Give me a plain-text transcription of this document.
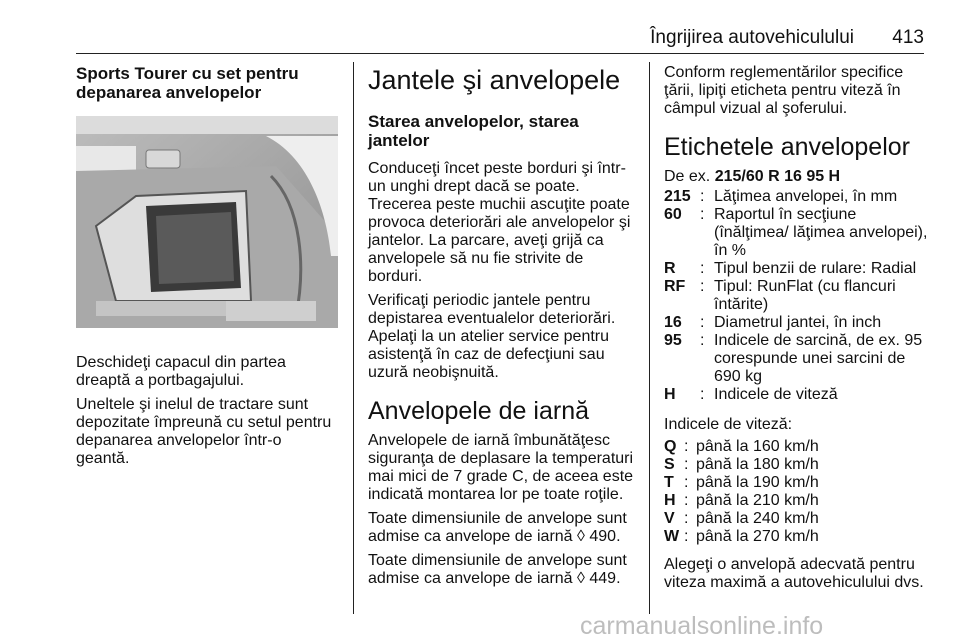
Îngrijirea autovehiculului 413
Sports Tourer cu set pentru depanarea anvelopelor

Deschideţi capacul din partea dreaptă a portbagajului.

Uneltele şi inelul de tractare sunt depozitate împreună cu setul pentru depanarea anvelopelor într-o geantă.

Jantele şi anvelopele
Starea anvelopelor, starea jantelor

Conduceţi încet peste borduri şi într-un unghi drept dacă se poate. Trecerea peste muchii ascuţite poate provoca deteriorări ale anvelopelor şi jantelor. La parcare, aveţi grijă ca anvelopele să nu fie strivite de borduri.

Verificaţi periodic jantele pentru depistarea eventualelor deteriorări. Apelaţi la un atelier service pentru asistenţă în caz de defecţiuni sau uzură neobişnuită.

Anvelopele de iarnă

Anvelopele de iarnă îmbunătăţesc siguranţa de deplasare la temperaturi mai mici de 7 grade C, de aceea este indicată montarea lor pe toate roţile.

Toate dimensiunile de anvelope sunt admise ca anvelope de iarnă ◊ 490.

Toate dimensiunile de anvelope sunt admise ca anvelope de iarnă ◊ 449.

Conform reglementărilor specifice ţării, lipiţi eticheta pentru viteză în câmpul vizual al şoferului.

Etichetele anvelopelor

De ex. 215/60 R 16 95 H

215	:	Lăţimea anvelopei, în mm
60	:	Raportul în secţiune (înălţimea/ lăţimea anvelopei), în %
R	:	Tipul benzii de rulare: Radial
RF	:	Tipul: RunFlat (cu flancuri întărite)
16	:	Diametrul jantei, în inch
95	:	Indicele de sarcină, de ex. 95 corespunde unei sarcini de 690 kg
H	:	Indicele de viteză

Indicele de viteză:

Q	:	până la 160 km/h
S	:	până la 180 km/h
T	:	până la 190 km/h
H	:	până la 210 km/h
V	:	până la 240 km/h
W	:	până la 270 km/h

Alegeţi o anvelopă adecvată pentru viteza maximă a autovehiculului dvs.

carmanualsonline.info
